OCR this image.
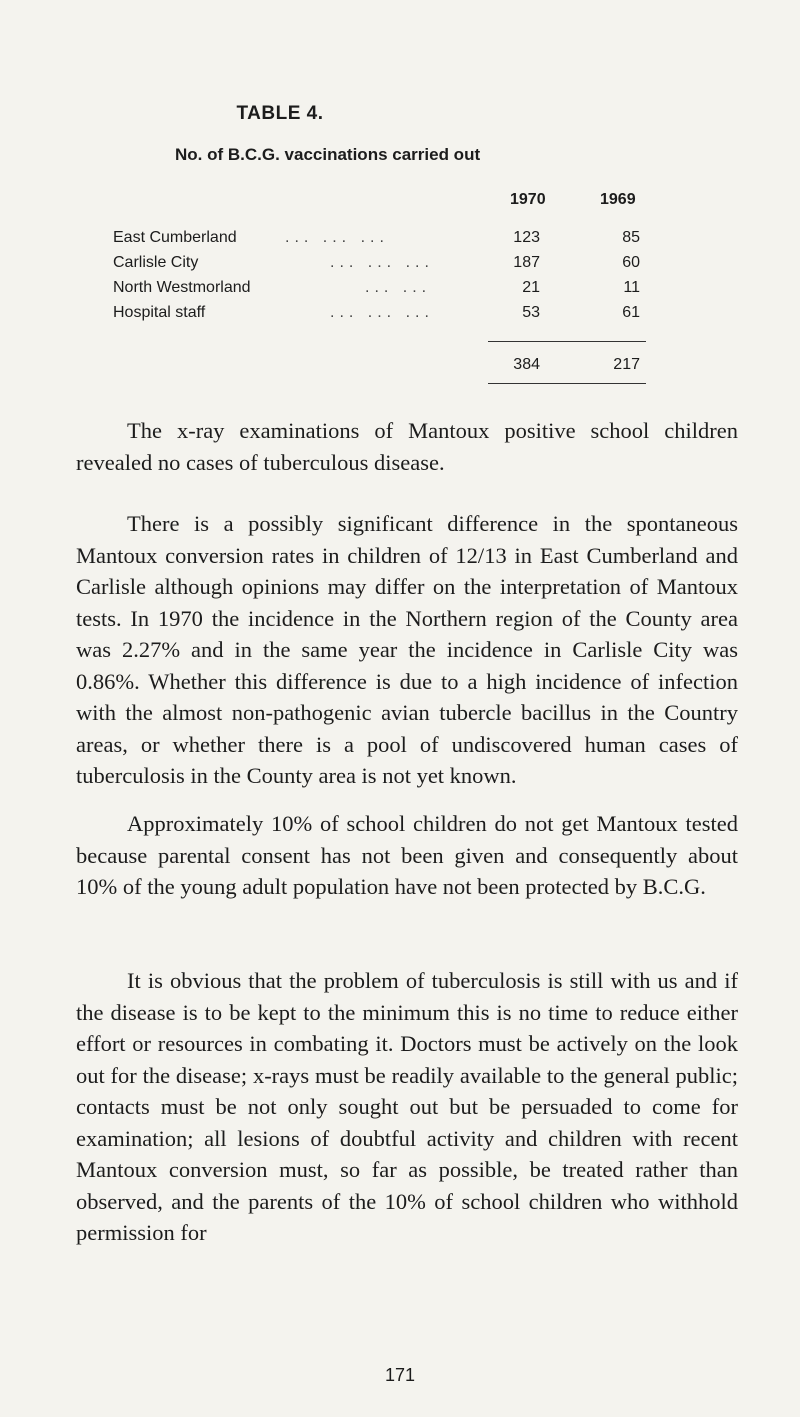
TABLE 4.
No. of B.C.G. vaccinations carried out
1970	1969
East Cumberland	... ... ...	123	85
Carlisle City	... ... ...	187	60
North Westmorland	... ...	21	11
Hospital staff	... ... ...	53	61
384	217

The x-ray examinations of Mantoux positive school children revealed no cases of tuberculous disease.

There is a possibly significant difference in the spontaneous Mantoux conversion rates in children of 12/13 in East Cumberland and Carlisle although opinions may differ on the interpretation of Mantoux tests. In 1970 the incidence in the Northern region of the County area was 2.27% and in the same year the incidence in Carlisle City was 0.86%. Whether this difference is due to a high incidence of infection with the almost non-pathogenic avian tubercle bacillus in the Country areas, or whether there is a pool of undiscovered human cases of tuberculosis in the County area is not yet known.

Approximately 10% of school children do not get Mantoux tested because parental consent has not been given and consequently about 10% of the young adult population have not been protected by B.C.G.

It is obvious that the problem of tuberculosis is still with us and if the disease is to be kept to the minimum this is no time to reduce either effort or resources in combating it. Doctors must be actively on the look out for the disease; x-rays must be readily available to the general public; contacts must be not only sought out but be persuaded to come for examination; all lesions of doubtful activity and children with recent Mantoux conversion must, so far as possible, be treated rather than observed, and the parents of the 10% of school children who withhold permission for

171
